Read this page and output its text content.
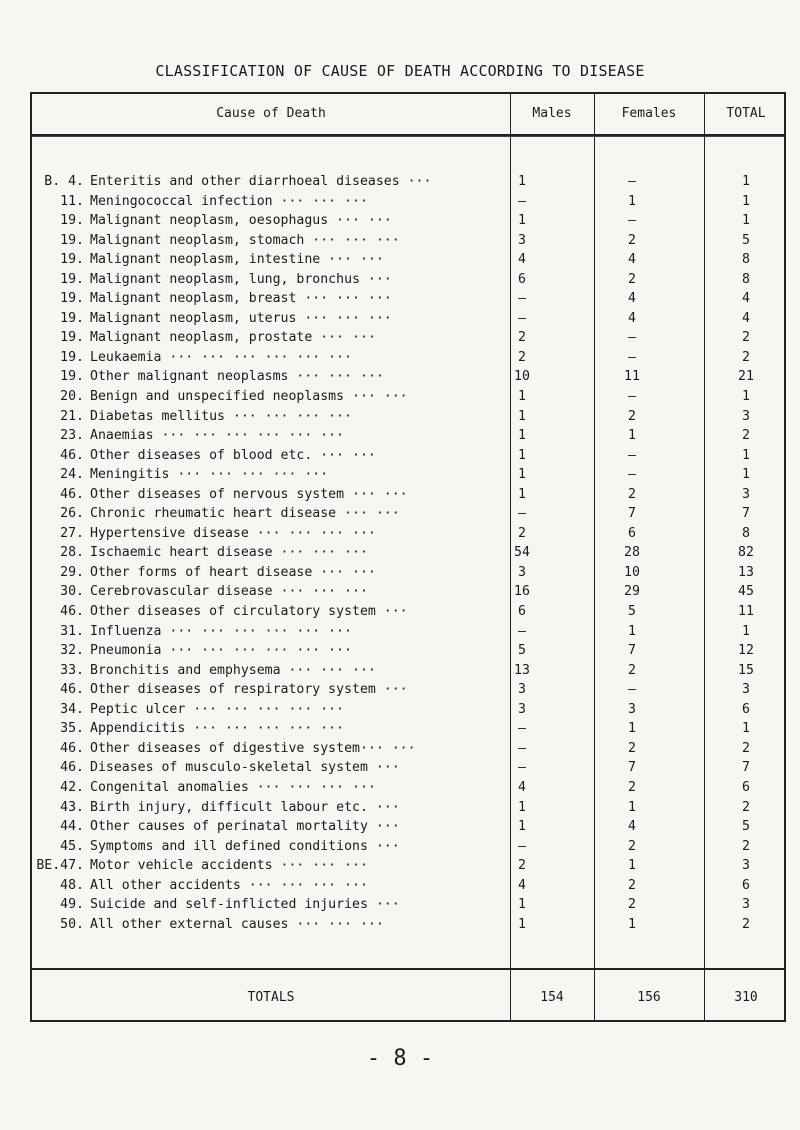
CLASSIFICATION OF CAUSE OF DEATH ACCORDING TO DISEASE
Cause of Death	Males	Females	TOTAL
B. 4. Enteritis and other diarrhoeal diseases ···	1	–	1
11. Meningococcal infection ··· ··· ···	–	1	1
19. Malignant neoplasm, oesophagus ··· ···	1	–	1
19. Malignant neoplasm, stomach ··· ··· ···	3	2	5
19. Malignant neoplasm, intestine ··· ···	4	4	8
19. Malignant neoplasm, lung, bronchus ···	6	2	8
19. Malignant neoplasm, breast ··· ··· ···	–	4	4
19. Malignant neoplasm, uterus ··· ··· ···	–	4	4
19. Malignant neoplasm, prostate ··· ···	2	–	2
19. Leukaemia ··· ··· ··· ··· ··· ···	2	–	2
19. Other malignant neoplasms ··· ··· ···	10	11	21
20. Benign and unspecified neoplasms ··· ···	1	–	1
21. Diabetas mellitus ··· ··· ··· ···	1	2	3
23. Anaemias ··· ··· ··· ··· ··· ···	1	1	2
46. Other diseases of blood etc. ··· ···	1	–	1
24. Meningitis ··· ··· ··· ··· ···	1	–	1
46. Other diseases of nervous system ··· ···	1	2	3
26. Chronic rheumatic heart disease ··· ···	–	7	7
27. Hypertensive disease ··· ··· ··· ···	2	6	8
28. Ischaemic heart disease ··· ··· ···	54	28	82
29. Other forms of heart disease ··· ···	3	10	13
30. Cerebrovascular disease ··· ··· ···	16	29	45
46. Other diseases of circulatory system ···	6	5	11
31. Influenza ··· ··· ··· ··· ··· ···	–	1	1
32. Pneumonia ··· ··· ··· ··· ··· ···	5	7	12
33. Bronchitis and emphysema ··· ··· ···	13	2	15
46. Other diseases of respiratory system ···	3	–	3
34. Peptic ulcer ··· ··· ··· ··· ···	3	3	6
35. Appendicitis ··· ··· ··· ··· ···	–	1	1
46. Other diseases of digestive system··· ···	–	2	2
46. Diseases of musculo-skeletal system ···	–	7	7
42. Congenital anomalies ··· ··· ··· ···	4	2	6
43. Birth injury, difficult labour etc. ···	1	1	2
44. Other causes of perinatal mortality ···	1	4	5
45. Symptoms and ill defined conditions ···	–	2	2
BE.47. Motor vehicle accidents ··· ··· ···	2	1	3
48. All other accidents ··· ··· ··· ···	4	2	6
49. Suicide and self-inflicted injuries ···	1	2	3
50. All other external causes ··· ··· ···	1	1	2
TOTALS	154	156	310
- 8 -
